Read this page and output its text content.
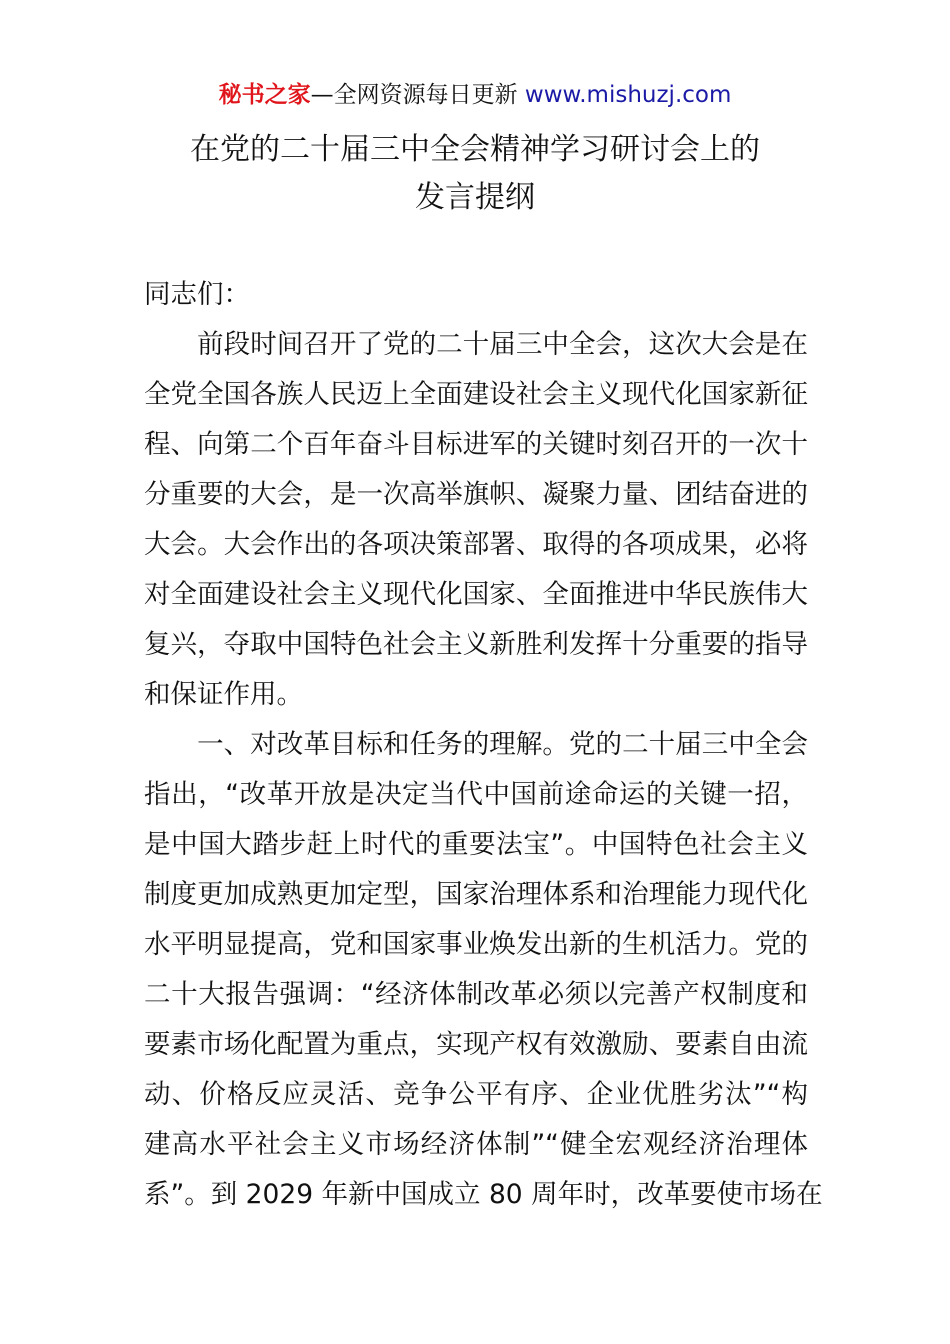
秘书之家—全网资源每日更新 www.mishuzj.com
在党的二十届三中全会精神学习研讨会上的
发言提纲
同志们：
　　前段时间召开了党的二十届三中全会，这次大会是在
全党全国各族人民迈上全面建设社会主义现代化国家新征
程、向第二个百年奋斗目标进军的关键时刻召开的一次十
分重要的大会，是一次高举旗帜、凝聚力量、团结奋进的
大会。大会作出的各项决策部署、取得的各项成果，必将
对全面建设社会主义现代化国家、全面推进中华民族伟大
复兴，夺取中国特色社会主义新胜利发挥十分重要的指导
和保证作用。
　　一、对改革目标和任务的理解。党的二十届三中全会
指出，“改革开放是决定当代中国前途命运的关键一招，
是中国大踏步赶上时代的重要法宝”。中国特色社会主义
制度更加成熟更加定型，国家治理体系和治理能力现代化
水平明显提高，党和国家事业焕发出新的生机活力。党的
二十大报告强调：“经济体制改革必须以完善产权制度和
要素市场化配置为重点，实现产权有效激励、要素自由流
动、价格反应灵活、竞争公平有序、企业优胜劣汰”“构
建高水平社会主义市场经济体制”“健全宏观经济治理体
系”。到 2029 年新中国成立 80 周年时，改革要使市场在
